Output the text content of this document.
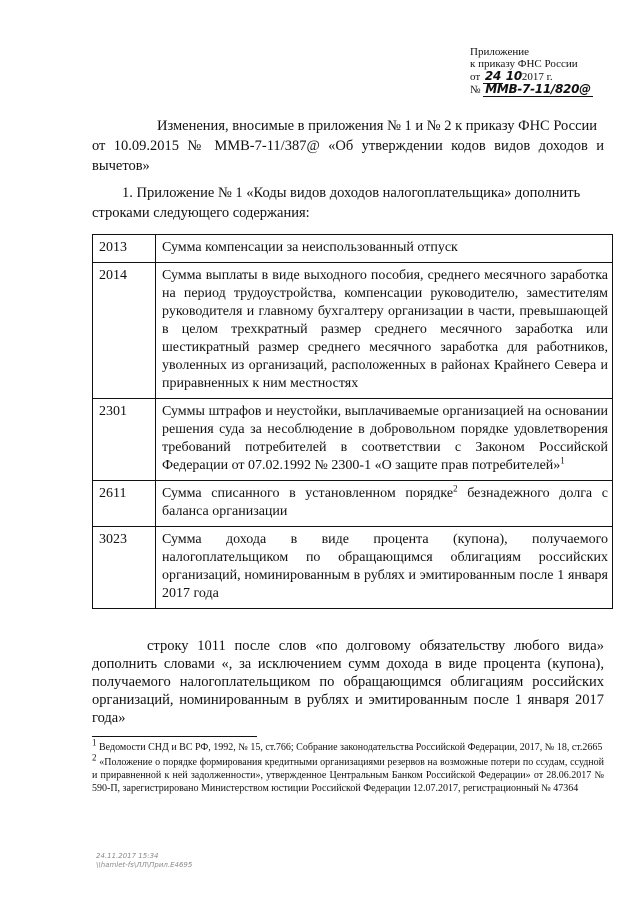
Приложение
к приказу ФНС России
от 24 102017 г.
№ ММВ-7-11/820@
Изменения, вносимые в приложения № 1 и № 2 к приказу ФНС России
от 10.09.2015 № ММВ-7-11/387@ «Об утверждении кодов видов доходов и вычетов»
1. Приложение № 1 «Коды видов доходов налогоплательщика» дополнить
строками следующего содержания:
2013	Сумма компенсации за неиспользованный отпуск
2014	Сумма выплаты в виде выходного пособия, среднего месячного заработка на период трудоустройства, компенсации руководителю, заместителям руководителя и главному бухгалтеру организации в части, превышающей в целом трехкратный размер среднего месячного заработка или шестикратный размер среднего месячного заработка для работников, уволенных из организаций, расположенных в районах Крайнего Севера и приравненных к ним местностях
2301	Суммы штрафов и неустойки, выплачиваемые организацией на основании решения суда за несоблюдение в добровольном порядке удовлетворения требований потребителей в соответствии с Законом Российской Федерации от 07.02.1992 № 2300-1 «О защите прав потребителей»$^1$
2611	Сумма списанного в установленном порядке$^2$ безнадежного долга с баланса организации
3023	Сумма дохода в виде процента (купона), получаемого налогоплательщиком по обращающимся облигациям российских организаций, номинированным в рублях и эмитированным после 1 января 2017 года

строку 1011 после слов «по долговому обязательству любого вида» дополнить словами «, за исключением сумм дохода в виде процента (купона), получаемого налогоплательщиком по обращающимся облигациям российских организаций, номинированным в рублях и эмитированным после 1 января 2017 года»

$^1$ Ведомости СНД и ВС РФ, 1992, № 15, ст.766; Собрание законодательства Российской Федерации, 2017, № 18, ст.2665

$^2$ «Положение о порядке формирования кредитными организациями резервов на возможные потери по ссудам, ссудной и приравненной к ней задолженности», утвержденное Центральным Банком Российской Федерации» от 28.06.2017 № 590-П, зарегистрировано Министерством юстиции Российской Федерации 12.07.2017, регистрационный № 47364

24.11.2017 15:34
\\hamlet-fs\ЛЛ\Прил.E4695
